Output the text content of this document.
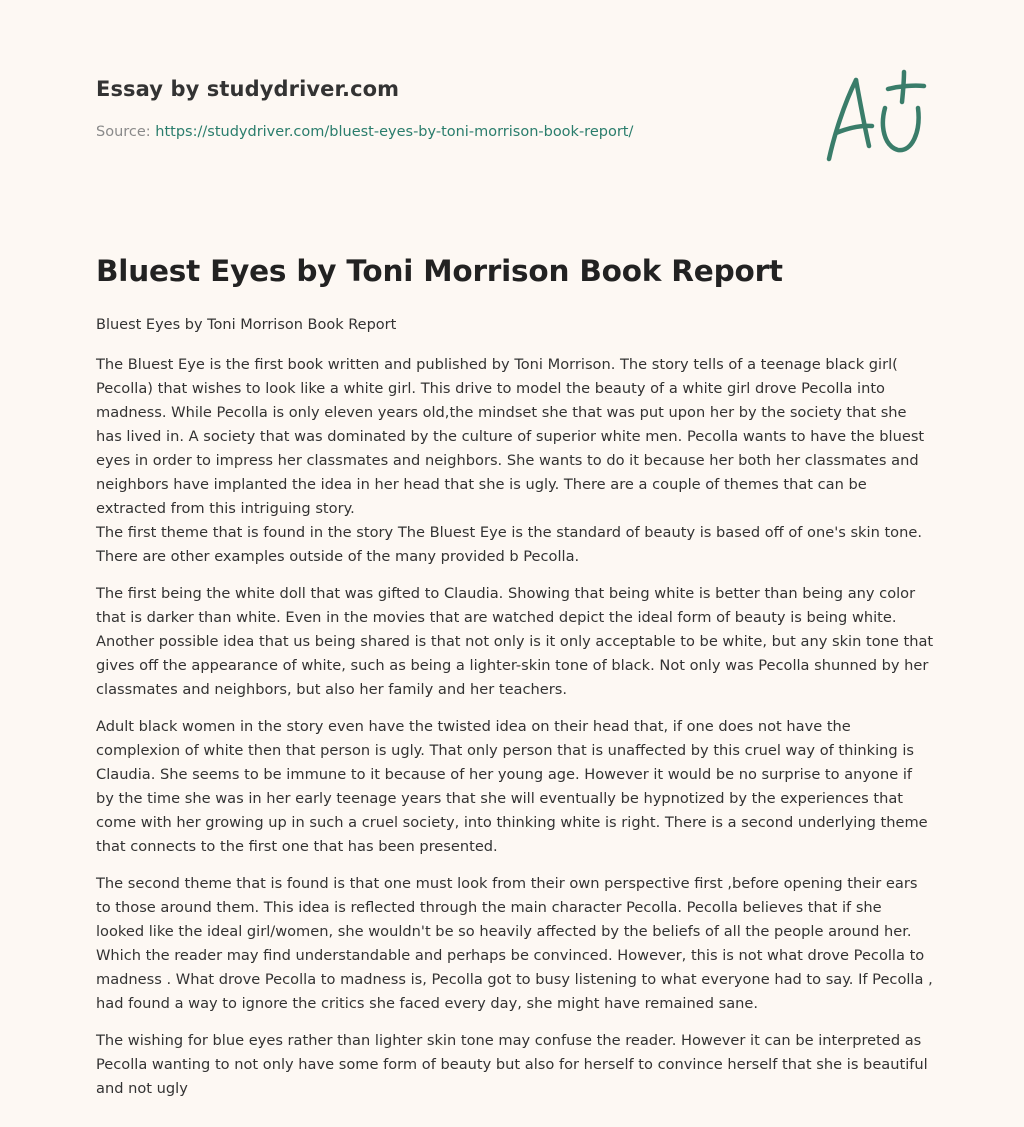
Essay by studydriver.com
Source: https://studydriver.com/bluest-eyes-by-toni-morrison-book-report/
Bluest Eyes by Toni Morrison Book Report
Bluest Eyes by Toni Morrison Book Report

The Bluest Eye is the first book written and published by Toni Morrison. The story tells of a teenage black girl( Pecolla) that wishes to look like a white girl. This drive to model the beauty of a white girl drove Pecolla into madness. While Pecolla is only eleven years old,the mindset she that was put upon her by the society that she has lived in. A society that was dominated by the culture of superior white men. Pecolla wants to have the bluest eyes in order to impress her classmates and neighbors. She wants to do it because her both her classmates and neighbors have implanted the idea in her head that she is ugly. There are a couple of themes that can be extracted from this intriguing story.

The first theme that is found in the story The Bluest Eye is the standard of beauty is based off of one's skin tone. There are other examples outside of the many provided b Pecolla.

The first being the white doll that was gifted to Claudia. Showing that being white is better than being any color that is darker than white. Even in the movies that are watched depict the ideal form of beauty is being white. Another possible idea that us being shared is that not only is it only acceptable to be white, but any skin tone that gives off the appearance of white, such as being a lighter-skin tone of black. Not only was Pecolla shunned by her classmates and neighbors, but also her family and her teachers.

Adult black women in the story even have the twisted idea on their head that, if one does not have the complexion of white then that person is ugly. That only person that is unaffected by this cruel way of thinking is Claudia. She seems to be immune to it because of her young age. However it would be no surprise to anyone if by the time she was in her early teenage years that she will eventually be hypnotized by the experiences that come with her growing up in such a cruel society, into thinking white is right. There is a second underlying theme that connects to the first one that has been presented.

The second theme that is found is that one must look from their own perspective first ,before opening their ears to those around them. This idea is reflected through the main character Pecolla. Pecolla believes that if she looked like the ideal girl/women, she wouldn't be so heavily affected by the beliefs of all the people around her. Which the reader may find understandable and perhaps be convinced. However, this is not what drove Pecolla to madness . What drove Pecolla to madness is, Pecolla got to busy listening to what everyone had to say. If Pecolla , had found a way to ignore the critics she faced every day, she might have remained sane.

The wishing for blue eyes rather than lighter skin tone may confuse the reader. However it can be interpreted as Pecolla wanting to not only have some form of beauty but also for herself to convince herself that she is beautiful and not ugly
